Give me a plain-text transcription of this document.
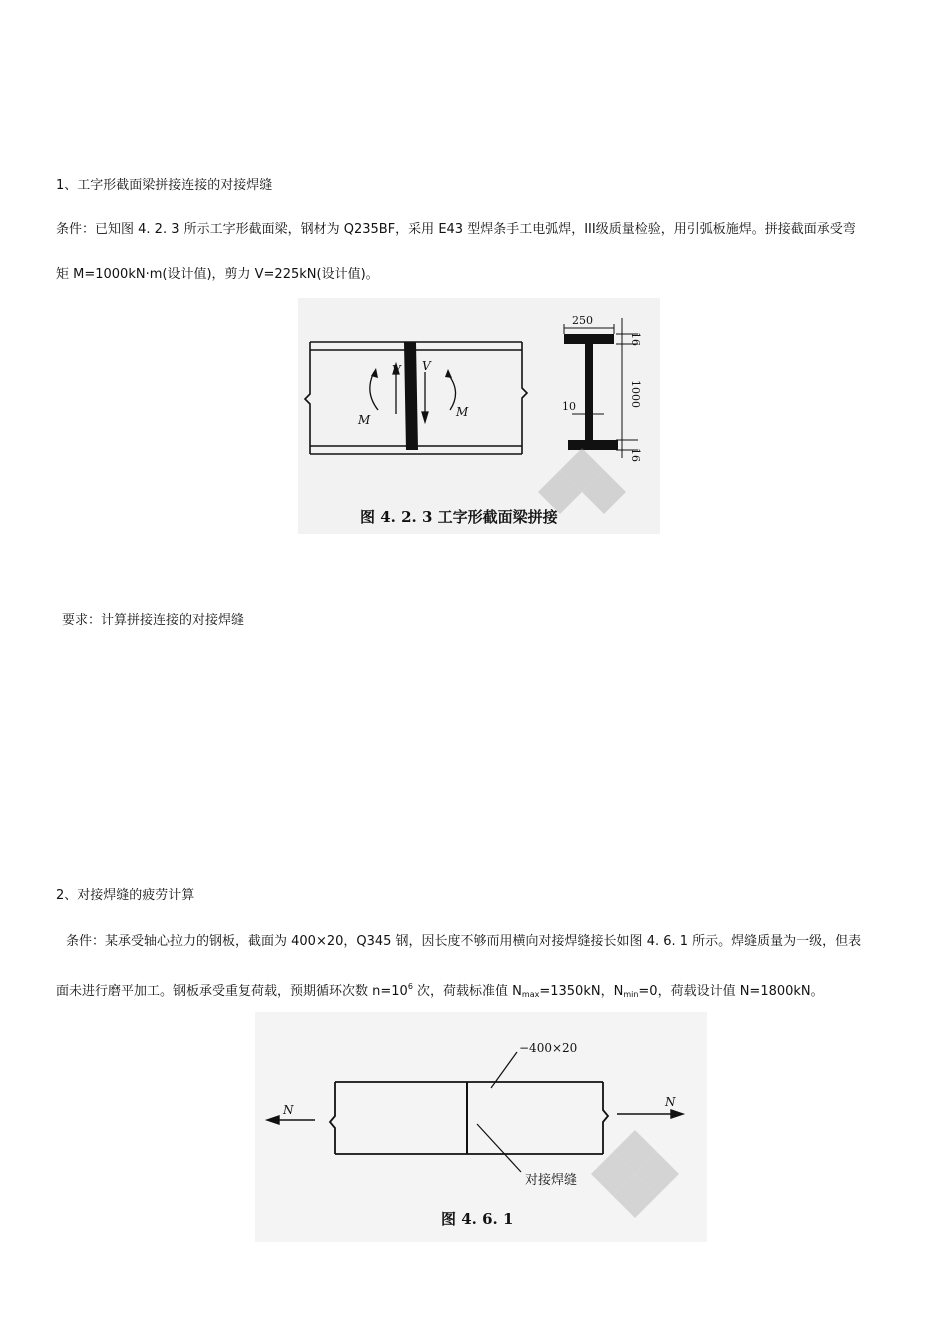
1、工字形截面梁拼接连接的对接焊缝
条件：已知图 4. 2. 3 所示工字形截面梁，钢材为 Q235BF，采用 E43 型焊条手工电弧焊，III级质量检验，用引弧板施焊。拼接截面承受弯
矩 M=1000kN·m(设计值)，剪力 V=225kN(设计值)。
V V
M
M
250
16
1000
16
10
图 4. 2. 3 工字形截面梁拼接
要求：计算拼接连接的对接焊缝
2、对接焊缝的疲劳计算
条件：某承受轴心拉力的钢板，截面为 400×20，Q345 钢，因长度不够而用横向对接焊缝接长如图 4. 6. 1 所示。焊缝质量为一级，但表
面未进行磨平加工。钢板承受重复荷载，预期循环次数 $n=10^6$ 次，荷载标准值 $N_{max}=1350kN$，$N_{min}=0$，荷载设计值 N=1800kN。
−400×20
对接焊缝
N
N
图 4. 6. 1
